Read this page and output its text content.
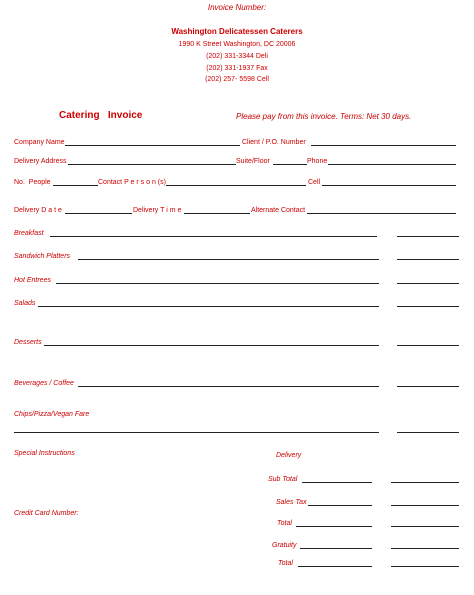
Invoice Number:
Washington Delicatessen Caterers
1990 K Street Washington, DC 20006
(202) 331-3344 Deli
(202) 331-1937 Fax
(202) 257- 5598 Cell
Catering   Invoice	Please pay from this invoice. Terms: Net 30 days.
Company Name	Client / P.O. Number
Delivery Address	Suite/Floor	Phone
No.  People	Contact P e r s o n (s)	Cell
Delivery D a t e	Delivery T i m e	Alternate Contact
Breakfast
Sandwich Platters
Hot Entrees
Salads
Desserts
Beverages / Coffee
Chips/Pizza/Vegan Fare
Special Instructions
Credit Card Number:
Delivery
Sub Total
Sales Tax
Total
Gratuity
Total
